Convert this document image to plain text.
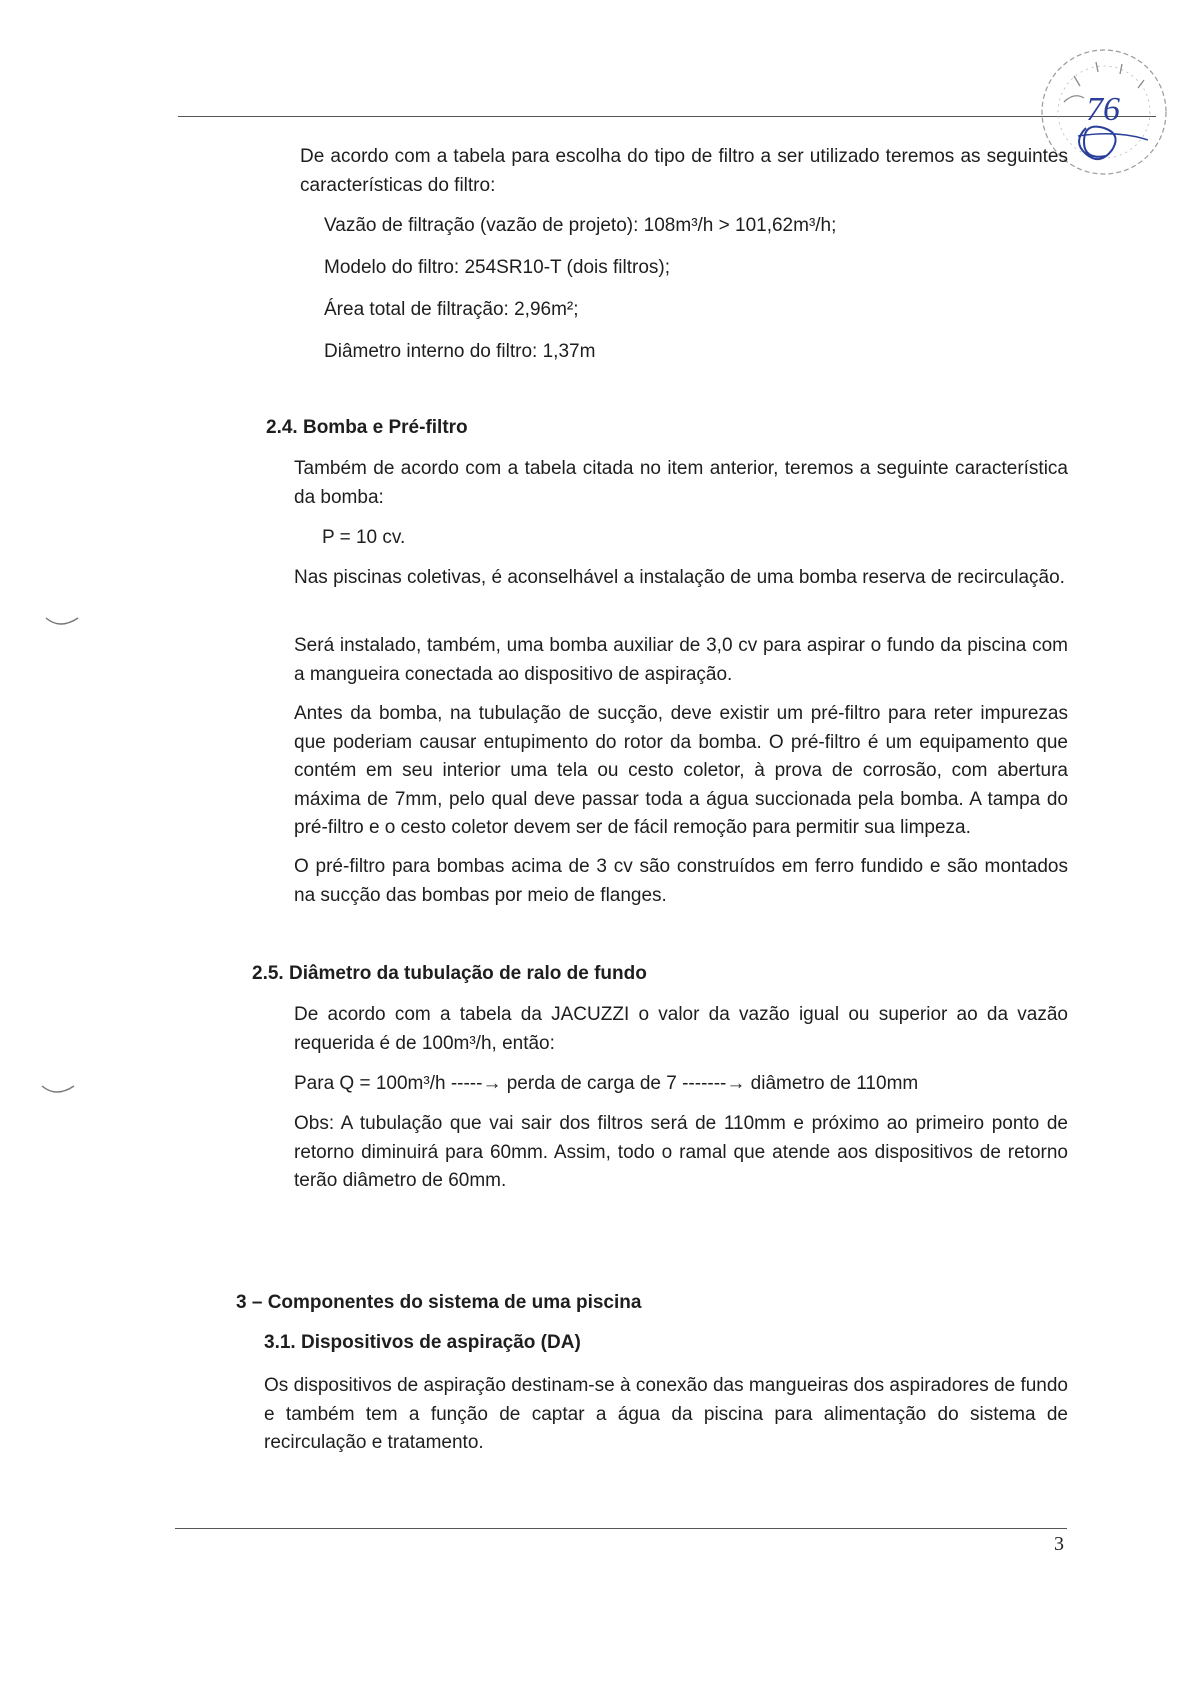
76

De acordo com a tabela para escolha do tipo de filtro a ser utilizado teremos as seguintes características do filtro:

Vazão de filtração (vazão de projeto): 108m³/h > 101,62m³/h;
Modelo do filtro: 254SR10-T (dois filtros);
Área total de filtração: 2,96m²;
Diâmetro interno do filtro: 1,37m
2.4. Bomba e Pré-filtro

Também de acordo com a tabela citada no item anterior, teremos a seguinte característica da bomba:

P = 10 cv.

Nas piscinas coletivas, é aconselhável a instalação de uma bomba reserva de recirculação.

Será instalado, também, uma bomba auxiliar de 3,0 cv para aspirar o fundo da piscina com a mangueira conectada ao dispositivo de aspiração.

Antes da bomba, na tubulação de sucção, deve existir um pré-filtro para reter impurezas que poderiam causar entupimento do rotor da bomba. O pré-filtro é um equipamento que contém em seu interior uma tela ou cesto coletor, à prova de corrosão, com abertura máxima de 7mm, pelo qual deve passar toda a água succionada pela bomba. A tampa do pré-filtro e o cesto coletor devem ser de fácil remoção para permitir sua limpeza.

O pré-filtro para bombas acima de 3 cv são construídos em ferro fundido e são montados na sucção das bombas por meio de flanges.

2.5. Diâmetro da tubulação de ralo de fundo

De acordo com a tabela da JACUZZI o valor da vazão igual ou superior ao da vazão requerida é de 100m³/h, então:

Para Q = 100m³/h -----→ perda de carga de 7 -------→ diâmetro de 110mm

Obs: A tubulação que vai sair dos filtros será de 110mm e próximo ao primeiro ponto de retorno diminuirá para 60mm. Assim, todo o ramal que atende aos dispositivos de retorno terão diâmetro de 60mm.

3 – Componentes do sistema de uma piscina
3.1. Dispositivos de aspiração (DA)

Os dispositivos de aspiração destinam-se à conexão das mangueiras dos aspiradores de fundo e também tem a função de captar a água da piscina para alimentação do sistema de recirculação e tratamento.

3
